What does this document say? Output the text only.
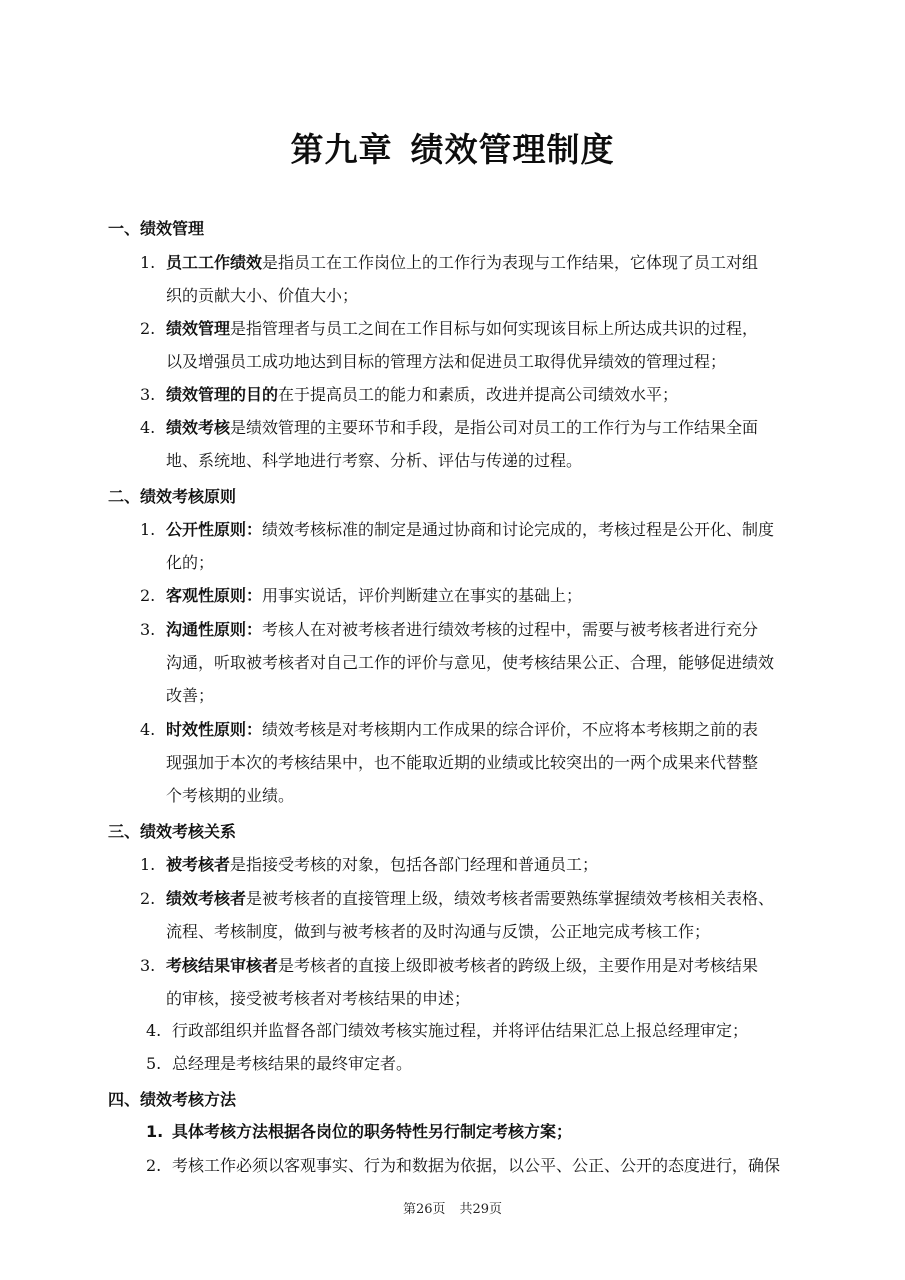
第九章 绩效管理制度
一、绩效管理
1. 员工工作绩效是指员工在工作岗位上的工作行为表现与工作结果，它体现了员工对组
织的贡献大小、价值大小；
2. 绩效管理是指管理者与员工之间在工作目标与如何实现该目标上所达成共识的过程，
以及增强员工成功地达到目标的管理方法和促进员工取得优异绩效的管理过程；
3. 绩效管理的目的在于提高员工的能力和素质，改进并提高公司绩效水平；
4. 绩效考核是绩效管理的主要环节和手段，是指公司对员工的工作行为与工作结果全面
地、系统地、科学地进行考察、分析、评估与传递的过程。
二、绩效考核原则
1. 公开性原则：绩效考核标准的制定是通过协商和讨论完成的，考核过程是公开化、制度
化的；
2. 客观性原则：用事实说话，评价判断建立在事实的基础上；
3. 沟通性原则：考核人在对被考核者进行绩效考核的过程中，需要与被考核者进行充分
沟通，听取被考核者对自己工作的评价与意见，使考核结果公正、合理，能够促进绩效
改善；
4. 时效性原则：绩效考核是对考核期内工作成果的综合评价，不应将本考核期之前的表
现强加于本次的考核结果中，也不能取近期的业绩或比较突出的一两个成果来代替整
个考核期的业绩。
三、绩效考核关系
1. 被考核者是指接受考核的对象，包括各部门经理和普通员工；
2. 绩效考核者是被考核者的直接管理上级，绩效考核者需要熟练掌握绩效考核相关表格、
流程、考核制度，做到与被考核者的及时沟通与反馈，公正地完成考核工作；
3. 考核结果审核者是考核者的直接上级即被考核者的跨级上级，主要作用是对考核结果
的审核，接受被考核者对考核结果的申述；
4. 行政部组织并监督各部门绩效考核实施过程，并将评估结果汇总上报总经理审定；
5. 总经理是考核结果的最终审定者。
四、绩效考核方法
1. 具体考核方法根据各岗位的职务特性另行制定考核方案；
2. 考核工作必须以客观事实、行为和数据为依据，以公平、公正、公开的态度进行，确保
第26页 共29页
